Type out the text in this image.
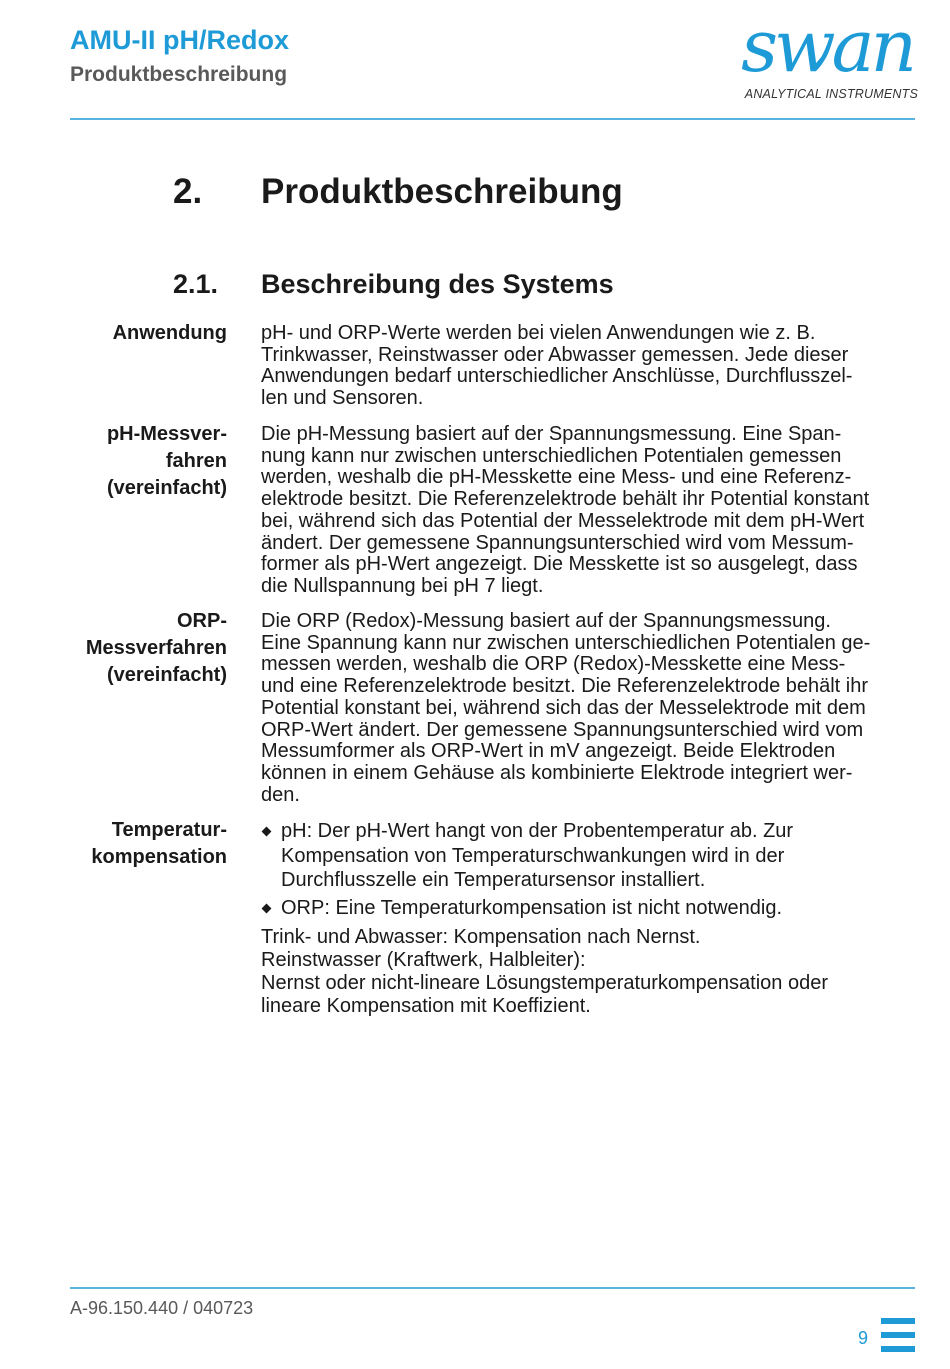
AMU-II pH/Redox
Produktbeschreibung	swan
ANALYTICAL INSTRUMENTS
2. Produktbeschreibung
2.1. Beschreibung des Systems
Anwendung pH- und ORP-Werte werden bei vielen Anwendungen wie z. B.
Trinkwasser, Reinstwasser oder Abwasser gemessen. Jede dieser
Anwendungen bedarf unterschiedlicher Anschlüsse, Durchflusszel-
len und Sensoren.
pH-Messver-
fahren
(vereinfacht)
Die pH-Messung basiert auf der Spannungsmessung. Eine Span-
nung kann nur zwischen unterschiedlichen Potentialen gemessen
werden, weshalb die pH-Messkette eine Mess- und eine Referenz-
elektrode besitzt. Die Referenzelektrode behält ihr Potential konstant
bei, während sich das Potential der Messelektrode mit dem pH-Wert
ändert. Der gemessene Spannungsunterschied wird vom Messum-
former als pH-Wert angezeigt. Die Messkette ist so ausgelegt, dass
die Nullspannung bei pH 7 liegt.
ORP-
Messverfahren
(vereinfacht)
Die ORP (Redox)-Messung basiert auf der Spannungsmessung.
Eine Spannung kann nur zwischen unterschiedlichen Potentialen ge-
messen werden, weshalb die ORP (Redox)-Messkette eine Mess-
und eine Referenzelektrode besitzt. Die Referenzelektrode behält ihr
Potential konstant bei, während sich das der Messelektrode mit dem
ORP-Wert ändert. Der gemessene Spannungsunterschied wird vom
Messumformer als ORP-Wert in mV angezeigt. Beide Elektroden
können in einem Gehäuse als kombinierte Elektrode integriert wer-
den.
Temperatur-
kompensation
pH: Der pH-Wert hangt von der Probentemperatur ab. Zur
Kompensation von Temperaturschwankungen wird in der
Durchflusszelle ein Temperatursensor installiert.
ORP: Eine Temperaturkompensation ist nicht notwendig.
Trink- und Abwasser: Kompensation nach Nernst.
Reinstwasser (Kraftwerk, Halbleiter):
Nernst oder nicht-lineare Lösungstemperaturkompensation oder
lineare Kompensation mit Koeffizient.
A-96.150.440 / 040723
9
